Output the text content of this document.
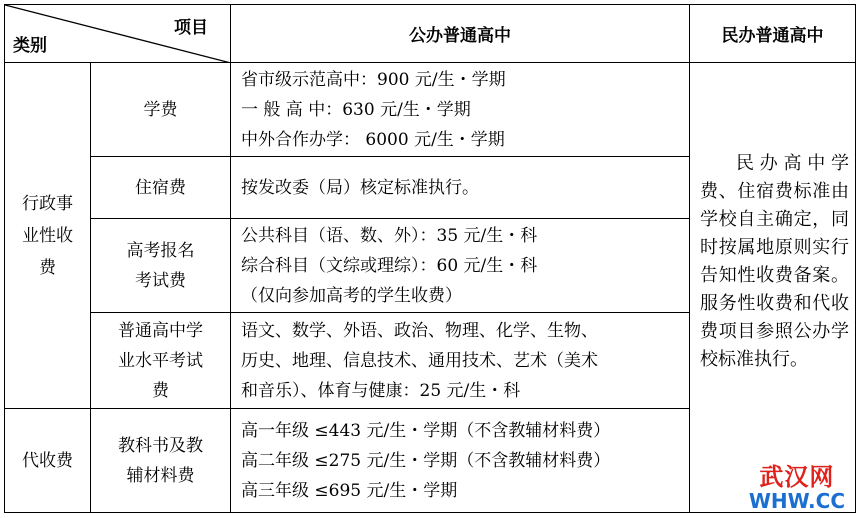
项目
类别		公办普通高中	民办普通高中

行政事业性收费	学费	省市级示范高中：900 元/生・学期
一 般 高 中：630 元/生・学期
中外合作办学： 6000 元/生・学期	民办高中学费、住宿费标准由学校自主确定，同时按属地原则实行告知性收费备案。服务性收费和代收费项目参照公办学校标准执行。

	住宿费	按发改委（局）核定标准执行。	

	高考报名考试费	公共科目（语、数、外）：35 元/生・科
综合科目（文综或理综）：60 元/生・科
（仅向参加高考的学生收费）	

	普通高中学业水平考试费	语文、数学、外语、政治、物理、化学、生物、
历史、地理、信息技术、通用技术、艺术（美术
和音乐）、体育与健康：25 元/生・科	

代收费	教科书及教辅材料费	高一年级 ≤443 元/生・学期（不含教辅材料费）
高二年级 ≤275 元/生・学期（不含教辅材料费）
高三年级 ≤695 元/生・学期		武汉网
WHW.CC
